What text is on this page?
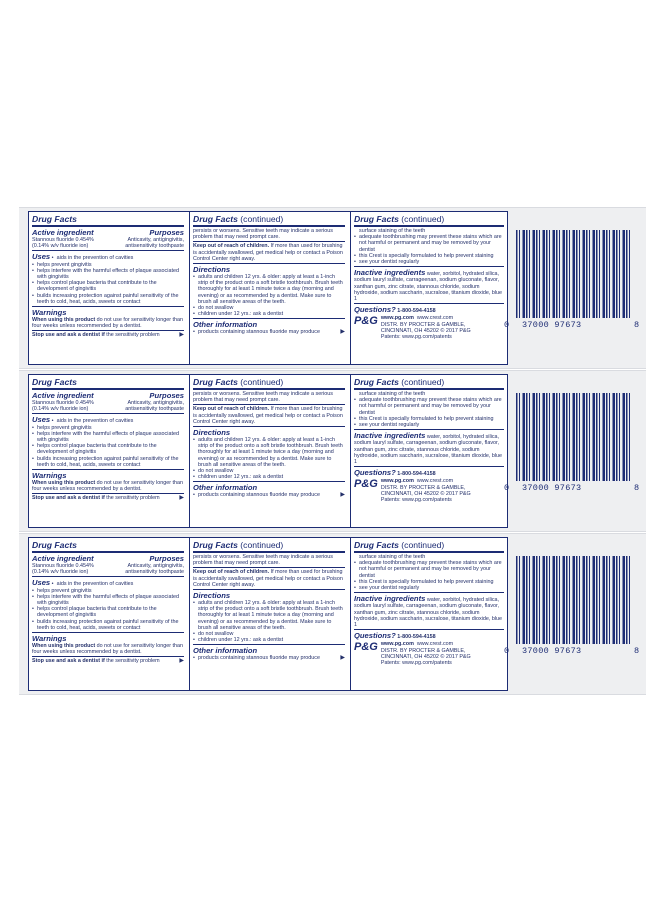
Drug Facts
Active ingredient	Purposes
Stannous fluoride 0.454%	Anticavity, antigingivitis,
(0.14% w/v fluoride ion)	antisensitivity toothpaste
Uses • aids in the prevention of cavities
• helps prevent gingivitis
• helps interfere with the harmful effects of plaque associated with gingivitis
• helps control plaque bacteria that contribute to the development of gingivitis
• builds increasing protection against painful sensitivity of the teeth to cold, heat, acids, sweets or contact
Warnings
When using this product do not use for sensitivity longer than four weeks unless recommended by a dentist.
Stop use and ask a dentist if the sensitivity problem	▶
Drug Facts (continued)
persists or worsens. Sensitive teeth may indicate a serious problem that may need prompt care.
Keep out of reach of children. If more than used for brushing is accidentally swallowed, get medical help or contact a Poison Control Center right away.
Directions
• adults and children 12 yrs. & older: apply at least a 1-inch strip of the product onto a soft bristle toothbrush. Brush teeth thoroughly for at least 1 minute twice a day (morning and evening) or as recommended by a dentist. Make sure to brush all sensitive areas of the teeth.
• do not swallow
• children under 12 yrs.: ask a dentist
Other information
• products containing stannous fluoride may produce	▶
Drug Facts (continued)
surface staining of the teeth
• adequate toothbrushing may prevent these stains which are not harmful or permanent and may be removed by your dentist
• this Crest is specially formulated to help prevent staining
• see your dentist regularly
Inactive ingredients water, sorbitol, hydrated silica, sodium lauryl sulfate, carrageenan, sodium gluconate, flavor, xanthan gum, zinc citrate, stannous chloride, sodium hydroxide, sodium saccharin, sucralose, titanium dioxide, blue 1
Questions? 1-800-594-4158
P&G www.pg.com www.crest.com
DISTR. BY PROCTER & GAMBLE,
CINCINNATI, OH 45202 © 2017 P&G
Patents: www.pg.com/patents
0 37000 97673	8
Drug Facts
Active ingredient	Purposes
Stannous fluoride 0.454%	Anticavity, antigingivitis,
(0.14% w/v fluoride ion)	antisensitivity toothpaste
Uses • aids in the prevention of cavities
• helps prevent gingivitis
• helps interfere with the harmful effects of plaque associated with gingivitis
• helps control plaque bacteria that contribute to the development of gingivitis
• builds increasing protection against painful sensitivity of the teeth to cold, heat, acids, sweets or contact
Warnings
When using this product do not use for sensitivity longer than four weeks unless recommended by a dentist.
Stop use and ask a dentist if the sensitivity problem	▶
Drug Facts (continued)
persists or worsens. Sensitive teeth may indicate a serious problem that may need prompt care.
Keep out of reach of children. If more than used for brushing is accidentally swallowed, get medical help or contact a Poison Control Center right away.
Directions
• adults and children 12 yrs. & older: apply at least a 1-inch strip of the product onto a soft bristle toothbrush. Brush teeth thoroughly for at least 1 minute twice a day (morning and evening) or as recommended by a dentist. Make sure to brush all sensitive areas of the teeth.
• do not swallow
• children under 12 yrs.: ask a dentist
Other information
• products containing stannous fluoride may produce	▶
Drug Facts (continued)
surface staining of the teeth
• adequate toothbrushing may prevent these stains which are not harmful or permanent and may be removed by your dentist
• this Crest is specially formulated to help prevent staining
• see your dentist regularly
Inactive ingredients water, sorbitol, hydrated silica, sodium lauryl sulfate, carrageenan, sodium gluconate, flavor, xanthan gum, zinc citrate, stannous chloride, sodium hydroxide, sodium saccharin, sucralose, titanium dioxide, blue 1
Questions? 1-800-594-4158
P&G www.pg.com www.crest.com
DISTR. BY PROCTER & GAMBLE,
CINCINNATI, OH 45202 © 2017 P&G
Patents: www.pg.com/patents
0 37000 97673	8
Drug Facts
Active ingredient	Purposes
Stannous fluoride 0.454%	Anticavity, antigingivitis,
(0.14% w/v fluoride ion)	antisensitivity toothpaste
Uses • aids in the prevention of cavities
• helps prevent gingivitis
• helps interfere with the harmful effects of plaque associated with gingivitis
• helps control plaque bacteria that contribute to the development of gingivitis
• builds increasing protection against painful sensitivity of the teeth to cold, heat, acids, sweets or contact
Warnings
When using this product do not use for sensitivity longer than four weeks unless recommended by a dentist.
Stop use and ask a dentist if the sensitivity problem	▶
Drug Facts (continued)
persists or worsens. Sensitive teeth may indicate a serious problem that may need prompt care.
Keep out of reach of children. If more than used for brushing is accidentally swallowed, get medical help or contact a Poison Control Center right away.
Directions
• adults and children 12 yrs. & older: apply at least a 1-inch strip of the product onto a soft bristle toothbrush. Brush teeth thoroughly for at least 1 minute twice a day (morning and evening) or as recommended by a dentist. Make sure to brush all sensitive areas of the teeth.
• do not swallow
• children under 12 yrs.: ask a dentist
Other information
• products containing stannous fluoride may produce	▶
Drug Facts (continued)
surface staining of the teeth
• adequate toothbrushing may prevent these stains which are not harmful or permanent and may be removed by your dentist
• this Crest is specially formulated to help prevent staining
• see your dentist regularly
Inactive ingredients water, sorbitol, hydrated silica, sodium lauryl sulfate, carrageenan, sodium gluconate, flavor, xanthan gum, zinc citrate, stannous chloride, sodium hydroxide, sodium saccharin, sucralose, titanium dioxide, blue 1
Questions? 1-800-594-4158
P&G www.pg.com www.crest.com
DISTR. BY PROCTER & GAMBLE,
CINCINNATI, OH 45202 © 2017 P&G
Patents: www.pg.com/patents
0 37000 97673	8
